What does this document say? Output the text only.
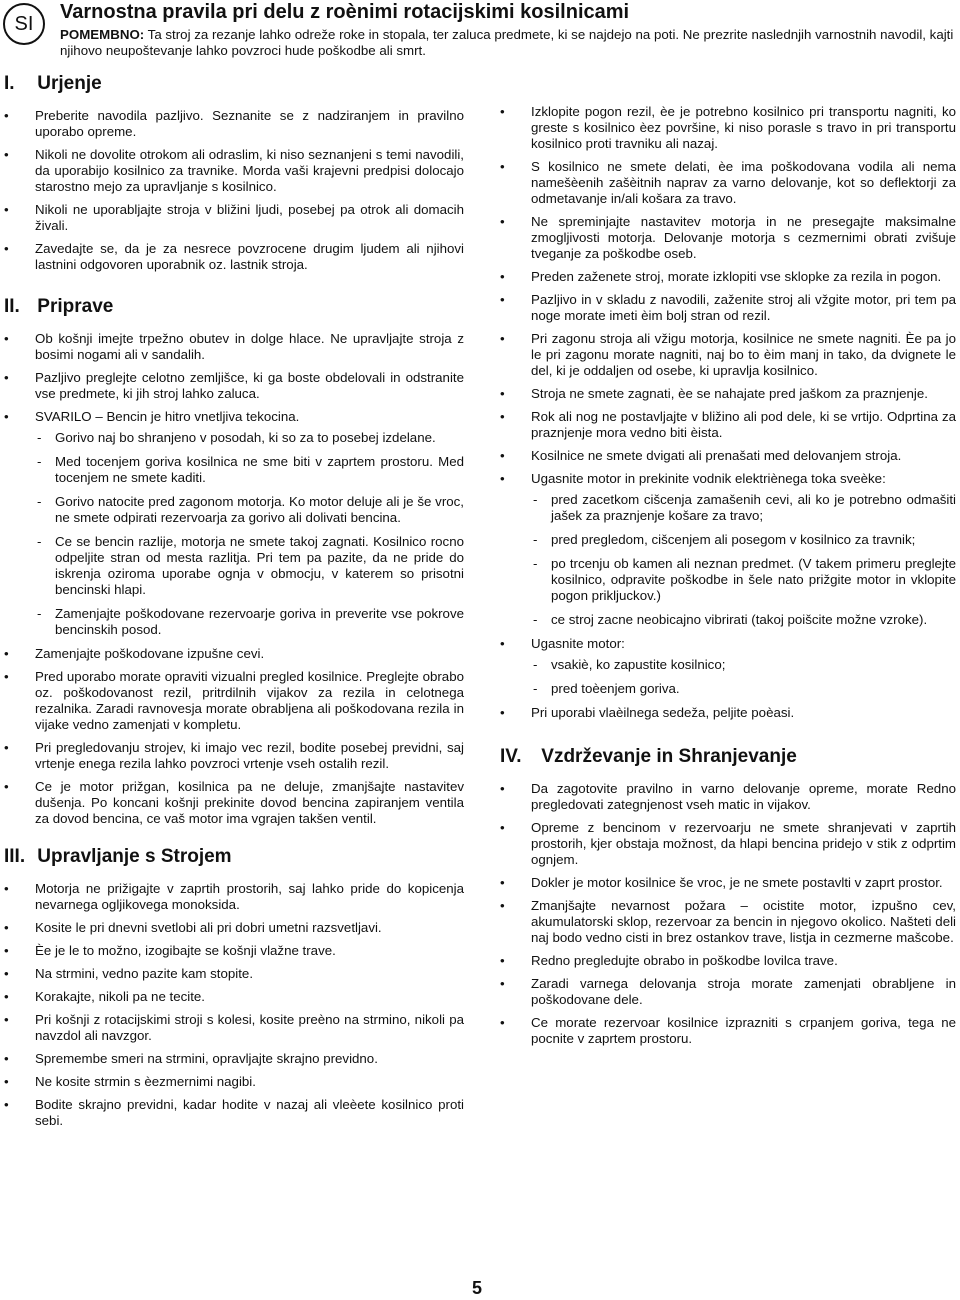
SI
Varnostna pravila pri delu z roènimi rotacijskimi kosilnicami

POMEMBNO: Ta stroj za rezanje lahko odreže roke in stopala, ter zaluca predmete, ki se najdejo na poti. Ne prezrite naslednjih varnostnih navodil, kajti njihovo neupoštevanje lahko povzroci hude poškodbe ali smrt.

I. Urjenje
• Preberite navodila pazljivo. Seznanite se z nadziranjem in pravilno uporabo opreme.
• Nikoli ne dovolite otrokom ali odraslim, ki niso seznanjeni s temi navodili, da uporabijo kosilnico za travnike. Morda vaši krajevni predpisi dolocajo starostno mejo za upravljanje s kosilnico.
• Nikoli ne uporabljajte stroja v bližini ljudi, posebej pa otrok ali domacih živali.
• Zavedajte se, da je za nesrece povzrocene drugim ljudem ali njihovi lastnini odgovoren uporabnik oz. lastnik stroja.
II. Priprave
• Ob košnji imejte trpežno obutev in dolge hlace. Ne upravljajte stroja z bosimi nogami ali v sandalih.
• Pazljivo preglejte celotno zemljišce, ki ga boste obdelovali in odstranite vse predmete, ki jih stroj lahko zaluca.
• SVARILO – Bencin je hitro vnetljiva tekocina.
- Gorivo naj bo shranjeno v posodah, ki so za to posebej izdelane.
- Med tocenjem goriva kosilnica ne sme biti v zaprtem prostoru. Med tocenjem ne smete kaditi.
- Gorivo natocite pred zagonom motorja. Ko motor deluje ali je še vroc, ne smete odpirati rezervoarja za gorivo ali dolivati bencina.
- Ce se bencin razlije, motorja ne smete takoj zagnati. Kosilnico rocno odpeljite stran od mesta razlitja. Pri tem pa pazite, da ne pride do iskrenja oziroma uporabe ognja v obmocju, v katerem so prisotni bencinski hlapi.
- Zamenjajte poškodovane rezervoarje goriva in preverite vse pokrove bencinskih posod.
• Zamenjajte poškodovane izpušne cevi.
• Pred uporabo morate opraviti vizualni pregled kosilnice. Preglejte obrabo oz. poškodovanost rezil, pritrdilnih vijakov za rezila in celotnega rezalnika. Zaradi ravnovesja morate obrabljena ali poškodovana rezila in vijake vedno zamenjati v kompletu.
• Pri pregledovanju strojev, ki imajo vec rezil, bodite posebej previdni, saj vrtenje enega rezila lahko povzroci vrtenje vseh ostalih rezil.
• Ce je motor prižgan, kosilnica pa ne deluje, zmanjšajte nastavitev dušenja. Po koncani košnji prekinite dovod bencina zapiranjem ventila za dovod bencina, ce vaš motor ima vgrajen takšen ventil.
III. Upravljanje s Strojem
• Motorja ne prižigajte v zaprtih prostorih, saj lahko pride do kopicenja nevarnega ogljikovega monoksida.
• Kosite le pri dnevni svetlobi ali pri dobri umetni razsvetljavi.
• Èe je le to možno, izogibajte se košnji vlažne trave.
• Na strmini, vedno pazite kam stopite.
• Korakajte, nikoli pa ne tecite.
• Pri košnji z rotacijskimi stroji s kolesi, kosite preèno na strmino, nikoli pa navzdol ali navzgor.
• Spremembe smeri na strmini, opravljajte skrajno previdno.
• Ne kosite strmin s èezmernimi nagibi.
• Bodite skrajno previdni, kadar hodite v nazaj ali vleèete kosilnico proti sebi.
• Izklopite pogon rezil, èe je potrebno kosilnico pri transportu nagniti, ko greste s kosilnico èez površine, ki niso porasle s travo in pri transportu kosilnico proti travniku ali nazaj.
• S kosilnico ne smete delati, èe ima poškodovana vodila ali nema namešèenih zašèitnih naprav za varno delovanje, kot so deflektorji za odmetavanje in/ali košara za travo.
• Ne spreminjajte nastavitev motorja in ne presegajte maksimalne zmogljivosti motorja. Delovanje motorja s cezmernimi obrati zvišuje tveganje za poškodbe oseb.
• Preden zaženete stroj, morate izklopiti vse sklopke za rezila in pogon.
• Pazljivo in v skladu z navodili, zaženite stroj ali vžgite motor, pri tem pa noge morate imeti èim bolj stran od rezil.
• Pri zagonu stroja ali vžigu motorja, kosilnice ne smete nagniti. Èe pa jo le pri zagonu morate nagniti, naj bo to èim manj in tako, da dvignete le del, ki je oddaljen od osebe, ki upravlja kosilnico.
• Stroja ne smete zagnati, èe se nahajate pred jaškom za praznjenje.
• Rok ali nog ne postavljajte v bližino ali pod dele, ki se vrtijo. Odprtina za praznjenje mora vedno biti èista.
• Kosilnice ne smete dvigati ali prenašati med delovanjem stroja.
• Ugasnite motor in prekinite vodnik elektriènega toka sveèke:
- pred zacetkom cišcenja zamašenih cevi, ali ko je potrebno odmašiti jašek za praznjenje košare za travo;
- pred pregledom, cišcenjem ali posegom v kosilnico za travnik;
- po trcenju ob kamen ali neznan predmet. (V takem primeru preglejte kosilnico, odpravite poškodbe in šele nato prižgite motor in vklopite pogon prikljuckov.)
- ce stroj zacne neobicajno vibrirati (takoj poišcite možne vzroke).
• Ugasnite motor:
- vsakiè, ko zapustite kosilnico;
- pred toèenjem goriva.
• Pri uporabi vlaèilnega sedeža, peljite poèasi.
IV. Vzdrževanje in Shranjevanje
• Da zagotovite pravilno in varno delovanje opreme, morate Redno pregledovati zategnjenost vseh matic in vijakov.
• Opreme z bencinom v rezervoarju ne smete shranjevati v zaprtih prostorih, kjer obstaja možnost, da hlapi bencina pridejo v stik z odprtim ognjem.
• Dokler je motor kosilnice še vroc, je ne smete postavlti v zaprt prostor.
• Zmanjšajte nevarnost požara – ocistite motor, izpušno cev, akumulatorski sklop, rezervoar za bencin in njegovo okolico. Našteti deli naj bodo vedno cisti in brez ostankov trave, listja in cezmerne mašcobe.
• Redno pregledujte obrabo in poškodbe lovilca trave.
• Zaradi varnega delovanja stroja morate zamenjati obrabljene in poškodovane dele.
• Ce morate rezervoar kosilnice izprazniti s crpanjem goriva, tega ne pocnite v zaprtem prostoru.

5
